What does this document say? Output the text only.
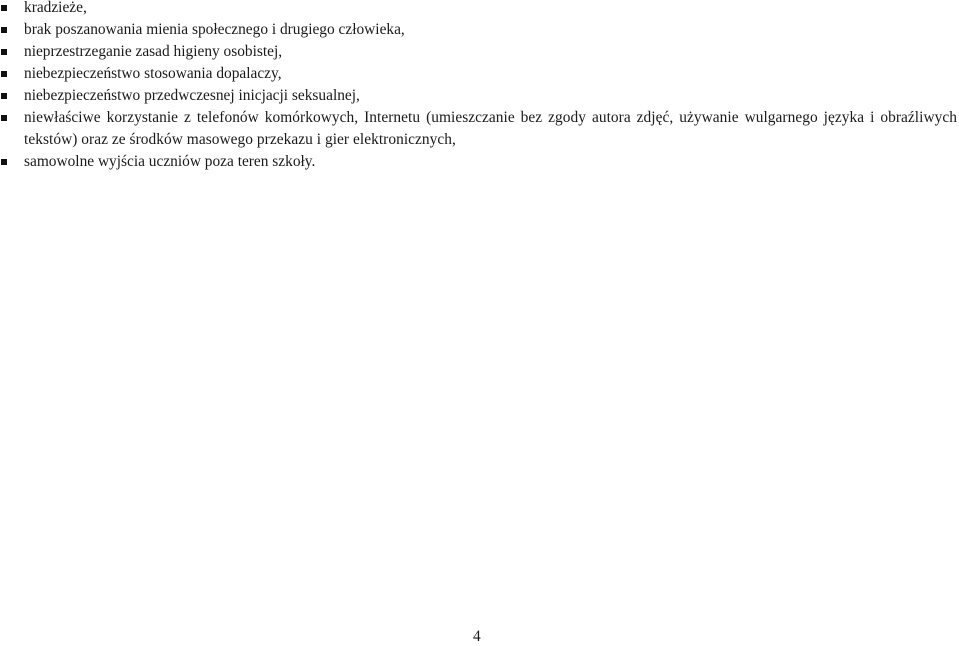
kradzieże,
brak poszanowania mienia społecznego i drugiego człowieka,
nieprzestrzeganie zasad higieny osobistej,
niebezpieczeństwo stosowania dopalaczy,
niebezpieczeństwo przedwczesnej inicjacji seksualnej,
niewłaściwe korzystanie z telefonów komórkowych, Internetu (umieszczanie bez zgody autora zdjęć, używanie wulgarnego języka i obraźliwych tekstów) oraz ze środków masowego przekazu i gier elektronicznych,
samowolne wyjścia uczniów poza teren szkoły.
4
